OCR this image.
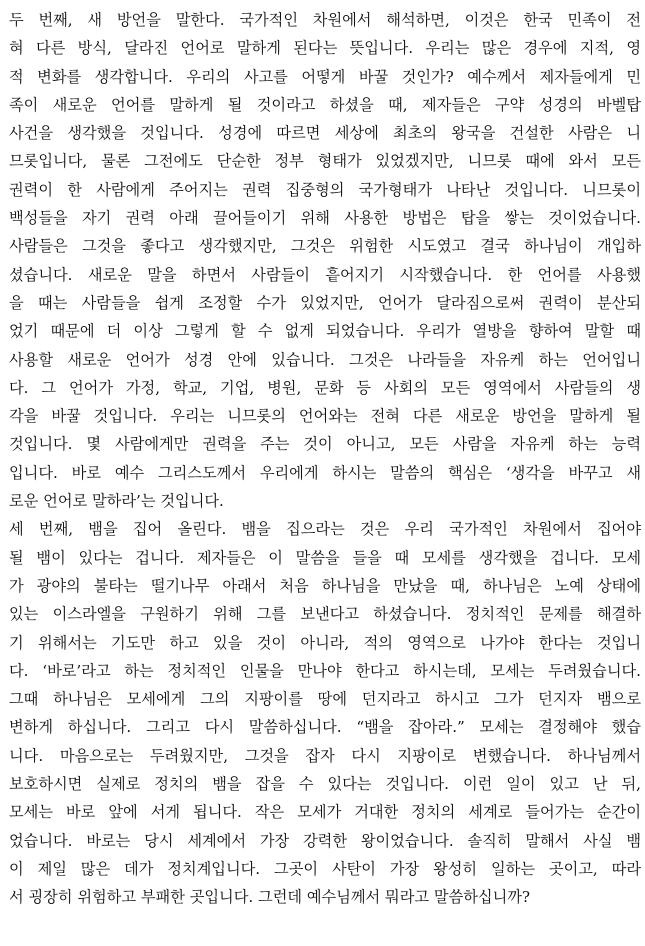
두 번째, 새 방언을 말한다. 국가적인 차원에서 해석하면, 이것은 한국 민족이 전
혀 다른 방식, 달라진 언어로 말하게 된다는 뜻입니다. 우리는 많은 경우에 지적, 영
적 변화를 생각합니다. 우리의 사고를 어떻게 바꿀 것인가? 예수께서 제자들에게 민
족이 새로운 언어를 말하게 될 것이라고 하셨을 때, 제자들은 구약 성경의 바벨탑
사건을 생각했을 것입니다. 성경에 따르면 세상에 최초의 왕국을 건설한 사람은 니
므롯입니다, 물론 그전에도 단순한 정부 형태가 있었겠지만, 니므롯 때에 와서 모든
권력이 한 사람에게 주어지는 권력 집중형의 국가형태가 나타난 것입니다. 니므롯이
백성들을 자기 권력 아래 끌어들이기 위해 사용한 방법은 탑을 쌓는 것이었습니다.
사람들은 그것을 좋다고 생각했지만, 그것은 위험한 시도였고 결국 하나님이 개입하
셨습니다. 새로운 말을 하면서 사람들이 흩어지기 시작했습니다. 한 언어를 사용했
을 때는 사람들을 쉽게 조정할 수가 있었지만, 언어가 달라짐으로써 권력이 분산되
었기 때문에 더 이상 그렇게 할 수 없게 되었습니다. 우리가 열방을 향하여 말할 때
사용할 새로운 언어가 성경 안에 있습니다. 그것은 나라들을 자유케 하는 언어입니
다. 그 언어가 가정, 학교, 기업, 병원, 문화 등 사회의 모든 영역에서 사람들의 생
각을 바꿀 것입니다. 우리는 니므롯의 언어와는 전혀 다른 새로운 방언을 말하게 될
것입니다. 몇 사람에게만 권력을 주는 것이 아니고, 모든 사람을 자유케 하는 능력
입니다. 바로 예수 그리스도께서 우리에게 하시는 말씀의 핵심은 ‘생각을 바꾸고 새
로운 언어로 말하라’는 것입니다.
세 번째, 뱀을 집어 올린다. 뱀을 집으라는 것은 우리 국가적인 차원에서 집어야
될 뱀이 있다는 겁니다. 제자들은 이 말씀을 들을 때 모세를 생각했을 겁니다. 모세
가 광야의 불타는 떨기나무 아래서 처음 하나님을 만났을 때, 하나님은 노예 상태에
있는 이스라엘을 구원하기 위해 그를 보낸다고 하셨습니다. 정치적인 문제를 해결하
기 위해서는 기도만 하고 있을 것이 아니라, 적의 영역으로 나가야 한다는 것입니
다. ‘바로’라고 하는 정치적인 인물을 만나야 한다고 하시는데, 모세는 두려웠습니다.
그때 하나님은 모세에게 그의 지팡이를 땅에 던지라고 하시고 그가 던지자 뱀으로
변하게 하십니다. 그리고 다시 말씀하십니다. “뱀을 잡아라.” 모세는 결정해야 했습
니다. 마음으로는 두려웠지만, 그것을 잡자 다시 지팡이로 변했습니다. 하나님께서
보호하시면 실제로 정치의 뱀을 잡을 수 있다는 것입니다. 이런 일이 있고 난 뒤,
모세는 바로 앞에 서게 됩니다. 작은 모세가 거대한 정치의 세계로 들어가는 순간이
었습니다. 바로는 당시 세계에서 가장 강력한 왕이었습니다. 솔직히 말해서 사실 뱀
이 제일 많은 데가 정치계입니다. 그곳이 사탄이 가장 왕성히 일하는 곳이고, 따라
서 굉장히 위험하고 부패한 곳입니다. 그런데 예수님께서 뭐라고 말씀하십니까?
